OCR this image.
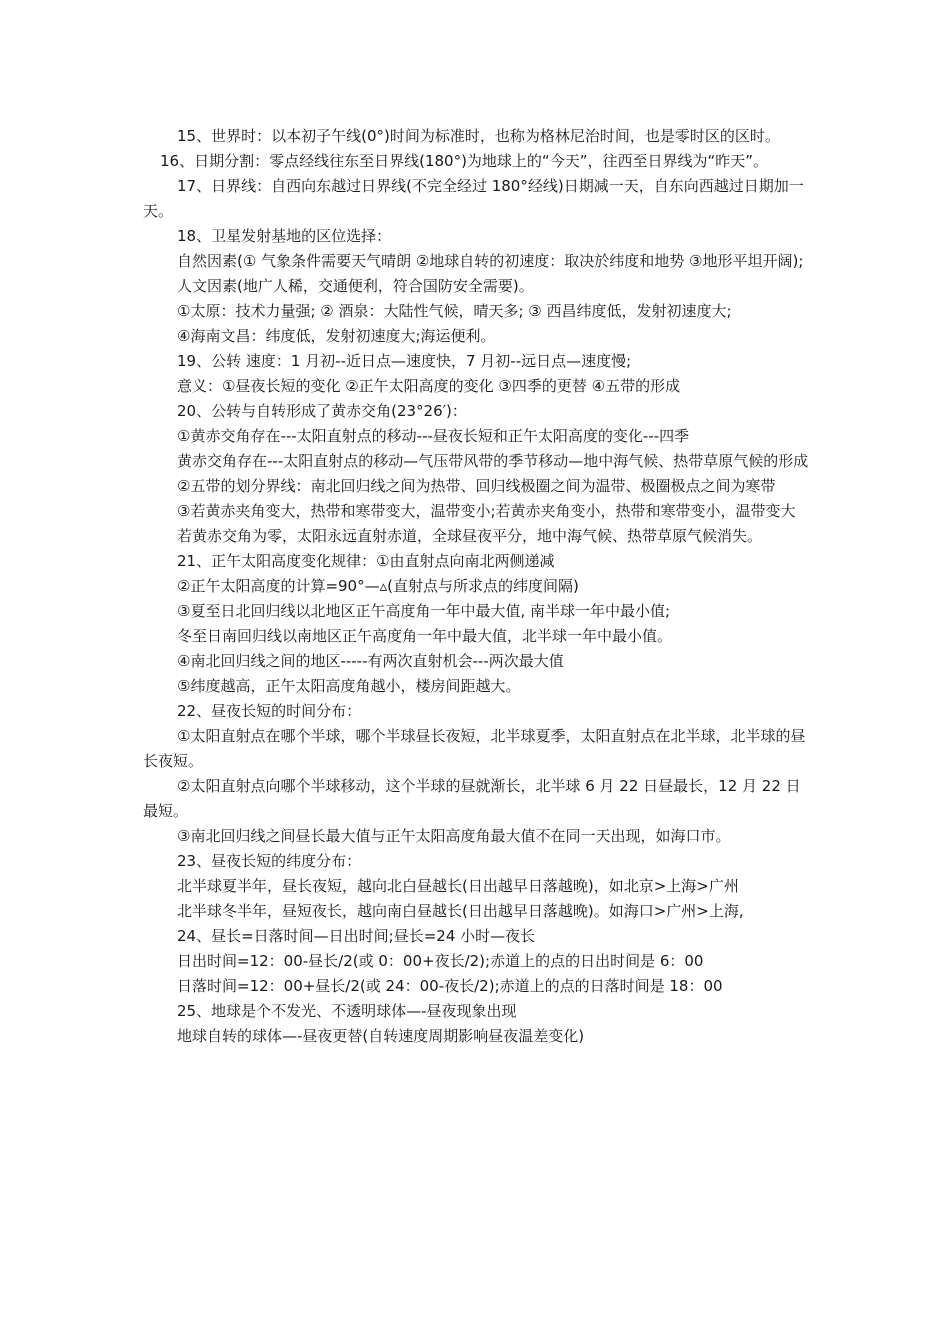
15、世界时：以本初子午线(0°)时间为标准时，也称为格林尼治时间，也是零时区的区时。

16、日期分割：零点经线往东至日界线(180°)为地球上的“今天”，往西至日界线为“昨天”。

17、日界线：自西向东越过日界线(不完全经过 180°经线)日期减一天，自东向西越过日期加一天。

18、卫星发射基地的区位选择：

自然因素(① 气象条件需要天气晴朗 ②地球自转的初速度：取决於纬度和地势 ③地形平坦开阔);

人文因素(地广人稀，交通便利，符合国防安全需要)。

①太原：技术力量强; ② 酒泉：大陆性气候，晴天多; ③ 西昌纬度低，发射初速度大;

④海南文昌：纬度低，发射初速度大;海运便利。

19、公转 速度：1 月初--近日点—速度快，7 月初--远日点—速度慢;

意义：①昼夜长短的变化 ②正午太阳高度的变化 ③四季的更替 ④五带的形成

20、公转与自转形成了黄赤交角(23°26′)：

①黄赤交角存在---太阳直射点的移动---昼夜长短和正午太阳高度的变化---四季

黄赤交角存在---太阳直射点的移动—气压带风带的季节移动—地中海气候、热带草原气候的形成

②五带的划分界线：南北回归线之间为热带、回归线极圈之间为温带、极圈极点之间为寒带

③若黄赤夹角变大，热带和寒带变大，温带变小;若黄赤夹角变小，热带和寒带变小，温带变大

若黄赤交角为零，太阳永远直射赤道，全球昼夜平分，地中海气候、热带草原气候消失。

21、正午太阳高度变化规律：①由直射点向南北两侧递减

②正午太阳高度的计算=90°—▵(直射点与所求点的纬度间隔)

③夏至日北回归线以北地区正午高度角一年中最大值, 南半球一年中最小值;

冬至日南回归线以南地区正午高度角一年中最大值，北半球一年中最小值。

④南北回归线之间的地区-----有两次直射机会---两次最大值

⑤纬度越高，正午太阳高度角越小，楼房间距越大。

22、昼夜长短的时间分布：

①太阳直射点在哪个半球，哪个半球昼长夜短，北半球夏季，太阳直射点在北半球，北半球的昼长夜短。

②太阳直射点向哪个半球移动，这个半球的昼就渐长，北半球 6 月 22 日昼最长，12 月 22 日最短。

③南北回归线之间昼长最大值与正午太阳高度角最大值不在同一天出现，如海口市。

23、昼夜长短的纬度分布：

北半球夏半年，昼长夜短，越向北白昼越长(日出越早日落越晚)，如北京>上海>广州

北半球冬半年，昼短夜长，越向南白昼越长(日出越早日落越晚)。如海口>广州>上海,

24、昼长=日落时间—日出时间;昼长=24 小时—夜长

日出时间=12：00-昼长/2(或 0：00+夜长/2);赤道上的点的日出时间是 6：00

日落时间=12：00+昼长/2(或 24：00-夜长/2);赤道上的点的日落时间是 18：00

25、地球是个不发光、不透明球体—-昼夜现象出现

地球自转的球体—-昼夜更替(自转速度周期影响昼夜温差变化)
